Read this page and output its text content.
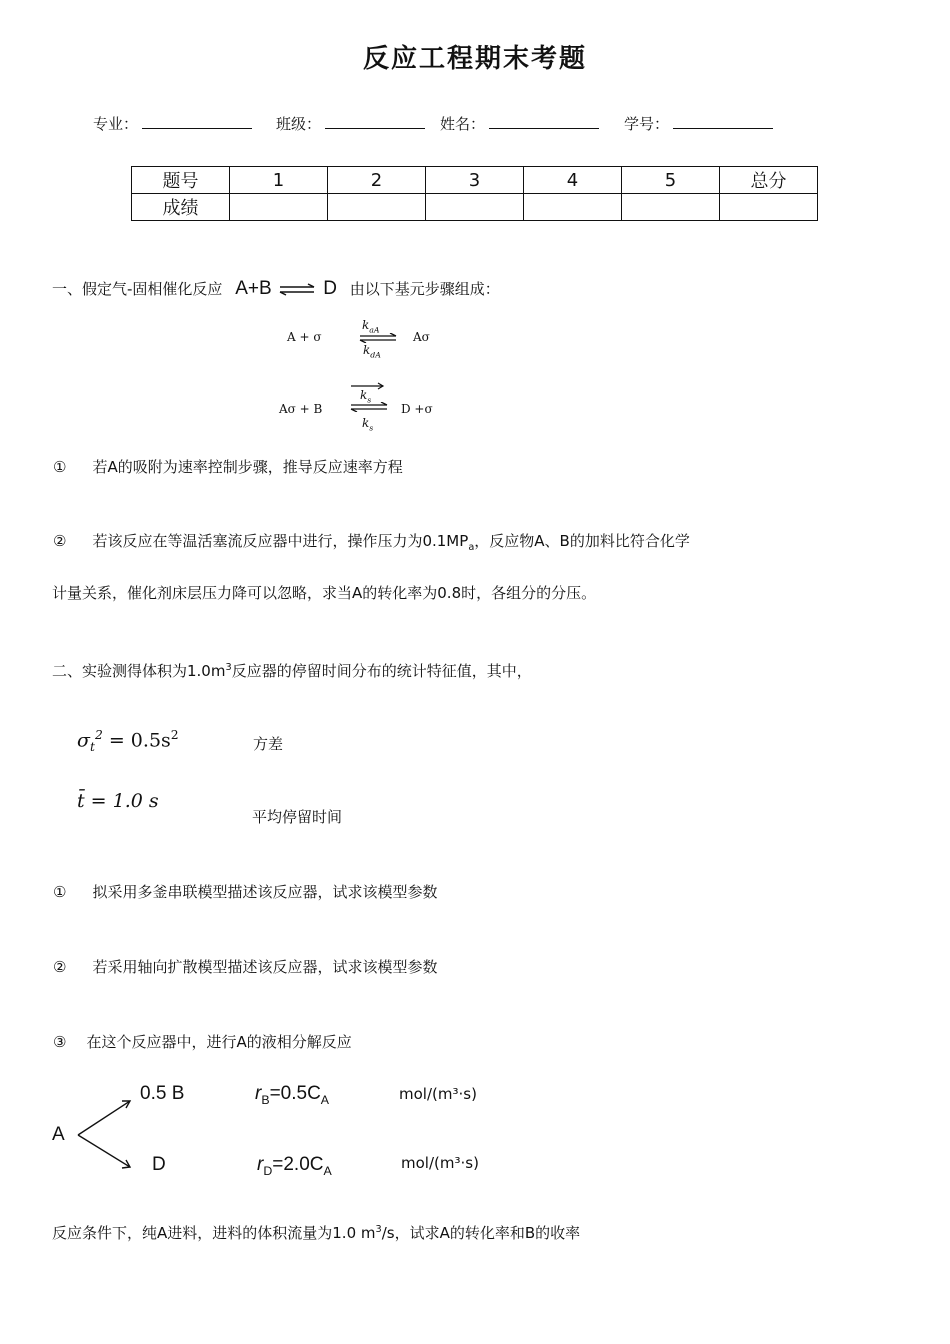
反应工程期末考题
专业：	班级：	姓名：	学号：
题号	1	2	3	4	5	总分
成绩						
一、假定气-固相催化反应 A+B ⇌ D 由以下基元步骤组成：
A + σ
$k_{aA}$
$k_{dA}$
Aσ
Aσ + B
$k_s$
$k_s$
D +σ
① 若A的吸附为速率控制步骤，推导反应速率方程
② 若该反应在等温活塞流反应器中进行，操作压力为$0.1MP_a$，反应物A、B的加料比符合化学
计量关系，催化剂床层压力降可以忽略，求当A的转化率为0.8时，各组分的分压。
二、实验测得体积为$1.0m^3$反应器的停留时间分布的统计特征值，其中，
$\sigma_t^2 = 0.5s^2$	方差
t̄ = 1.0 s
平均停留时间
① 拟采用多釜串联模型描述该反应器，试求该模型参数
② 若采用轴向扩散模型描述该反应器，试求该模型参数
③ 在这个反应器中，进行A的液相分解反应
A
0.5 B	$r_B=0.5C_A$	mol/(m³·s)
D	$r_D=2.0C_A$	mol/(m³·s)
反应条件下，纯A进料，进料的体积流量为1.0 $m^3/s$，试求A的转化率和B的收率
